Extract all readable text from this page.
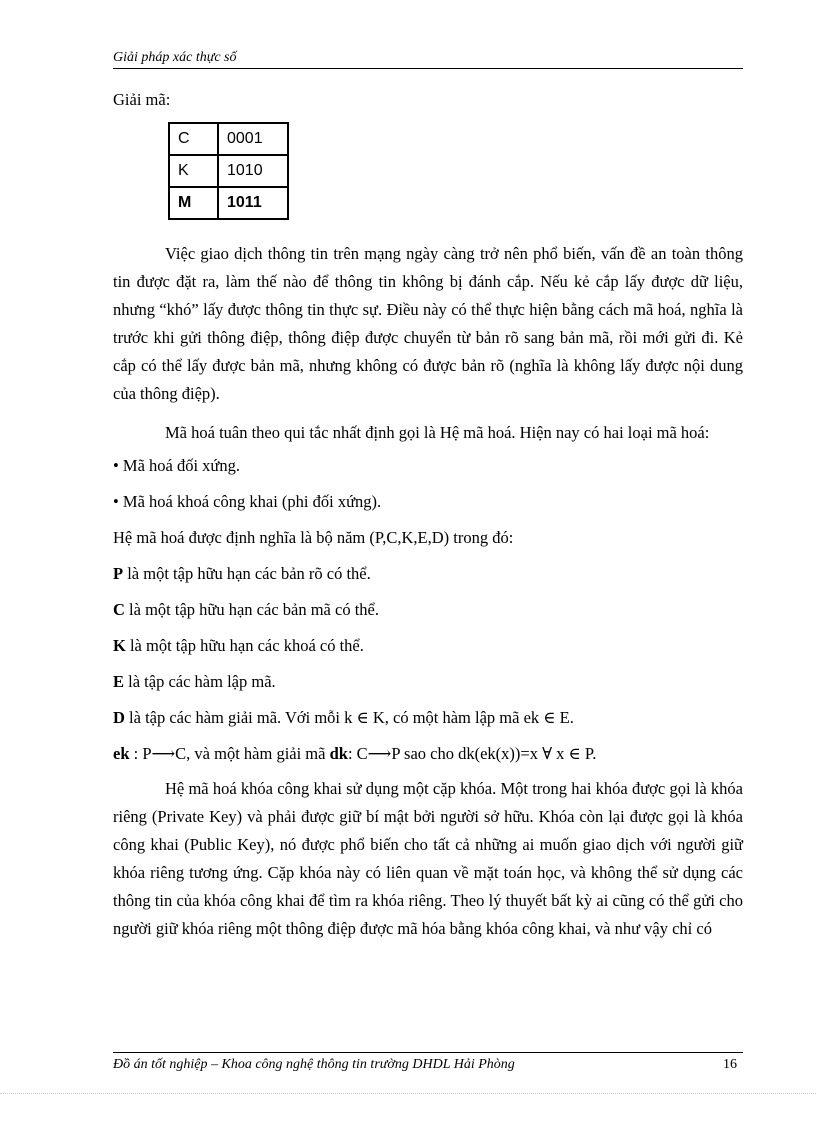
Giải pháp xác thực số

Giải mã:

C	0001
K	1010
M	1011

Việc giao dịch thông tin trên mạng ngày càng trở nên phổ biến, vấn đề an toàn thông tin được đặt ra, làm thế nào để thông tin không bị đánh cắp. Nếu kẻ cắp lấy được dữ liệu, nhưng “khó” lấy được thông tin thực sự. Điều này có thể thực hiện bằng cách mã hoá, nghĩa là trước khi gửi thông điệp, thông điệp được chuyển từ bản rõ sang bản mã, rồi mới gửi đi. Kẻ cắp có thể lấy được bản mã, nhưng không có được bản rõ (nghĩa là không lấy được nội dung của thông điệp).

Mã hoá tuân theo qui tắc nhất định gọi là Hệ mã hoá. Hiện nay có hai loại mã hoá:

• Mã hoá đối xứng.

• Mã hoá khoá công khai (phi đối xứng).

Hệ mã hoá được định nghĩa là bộ năm (P,C,K,E,D) trong đó:

P là một tập hữu hạn các bản rõ có thể.

C là một tập hữu hạn các bản mã có thể.

K là một tập hữu hạn các khoá có thể.

E là tập các hàm lập mã.

D là tập các hàm giải mã. Với mỗi k ∈ K, có một hàm lập mã ek ∈ E.

ek : P⟶C, và một hàm giải mã dk: C⟶P sao cho dk(ek(x))=x ∀ x ∈ P.

Hệ mã hoá khóa công khai sử dụng một cặp khóa. Một trong hai khóa được gọi là khóa riêng (Private Key) và phải được giữ bí mật bởi người sở hữu. Khóa còn lại được gọi là khóa công khai (Public Key), nó được phổ biến cho tất cả những ai muốn giao dịch với người giữ khóa riêng tương ứng. Cặp khóa này có liên quan về mặt toán học, và không thể sử dụng các thông tin của khóa công khai để tìm ra khóa riêng. Theo lý thuyết bất kỳ ai cũng có thể gửi cho người giữ khóa riêng một thông điệp được mã hóa bằng khóa công khai, và như vậy chỉ có

Đồ án tốt nghiệp – Khoa công nghệ thông tin trường DHDL Hải Phòng	16
